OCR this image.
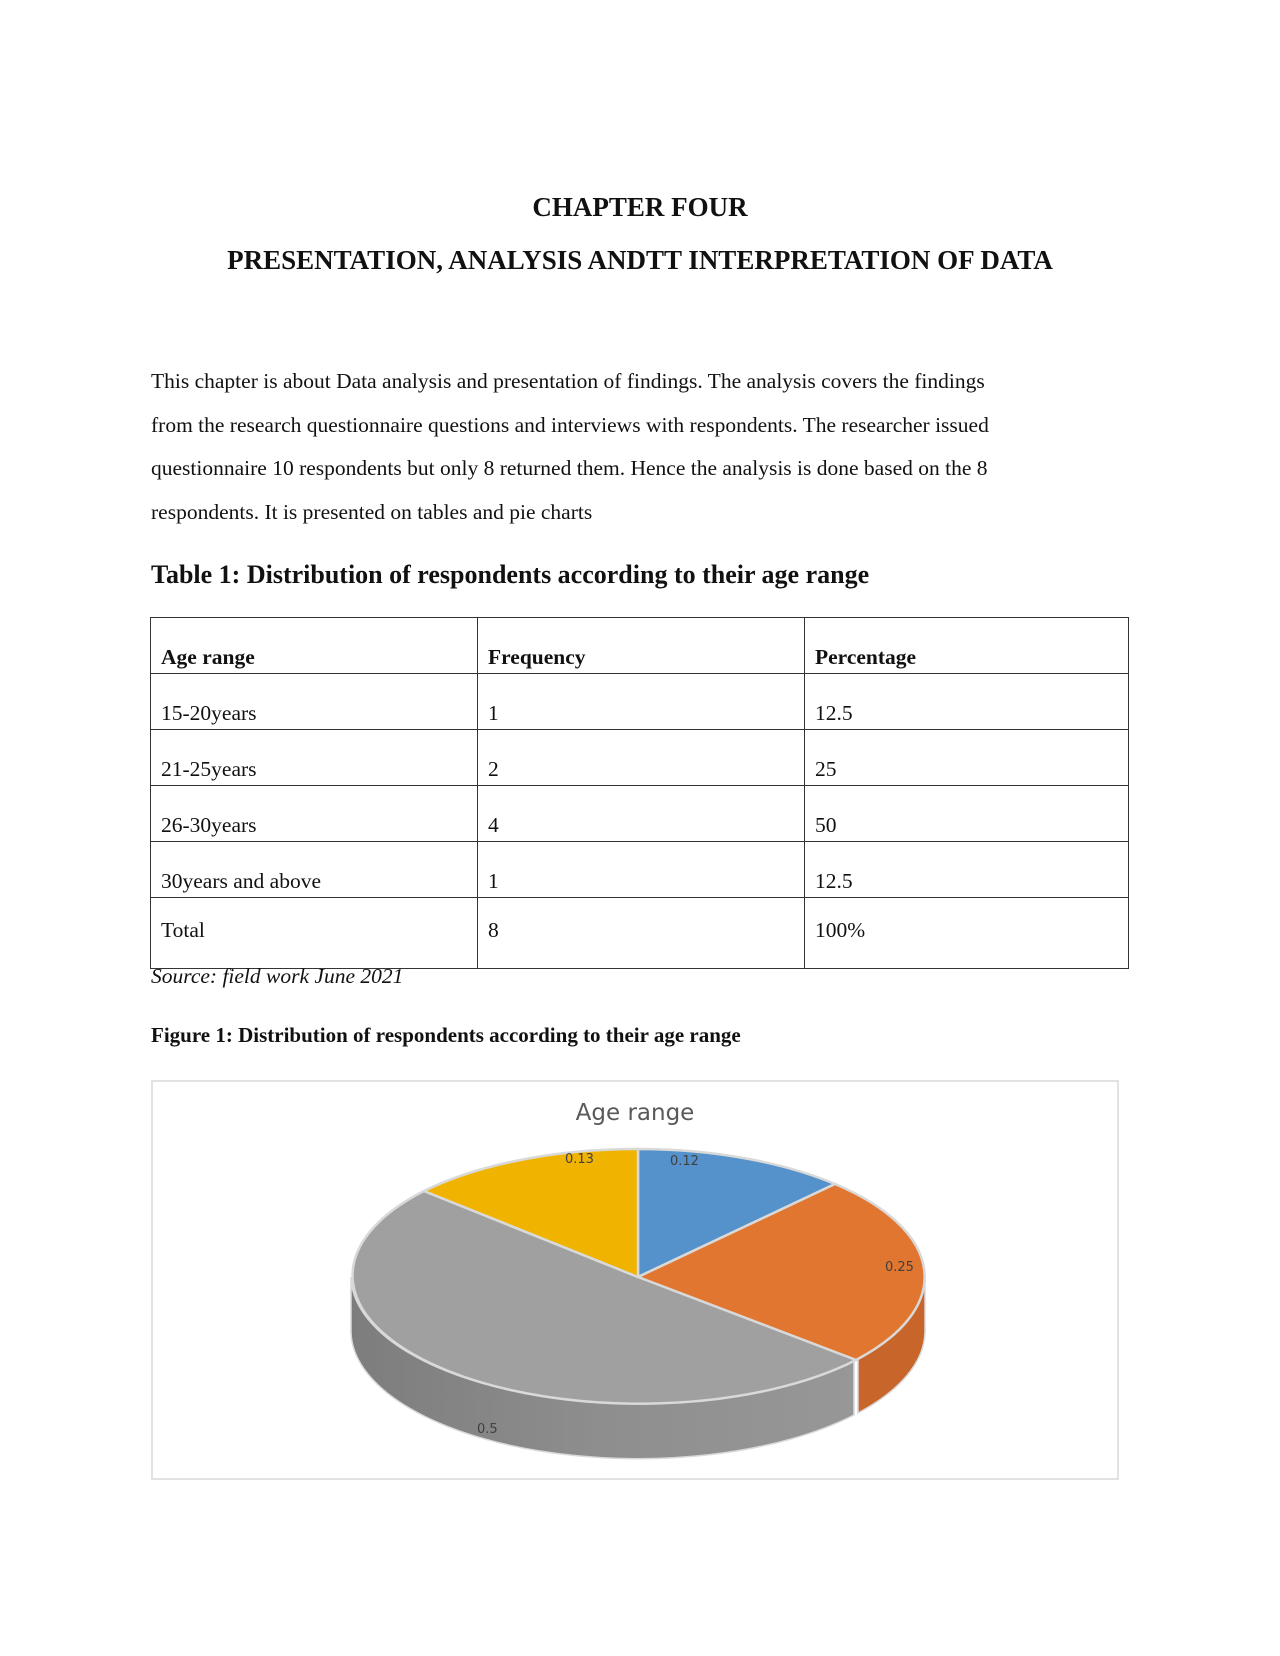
CHAPTER FOUR
PRESENTATION, ANALYSIS ANDTT INTERPRETATION OF DATA
This chapter is about Data analysis and presentation of findings. The analysis covers the findings
from the research questionnaire questions and interviews with respondents. The researcher issued
questionnaire 10 respondents but only 8 returned them. Hence the analysis is done based on the 8
respondents. It is presented on tables and pie charts
Table 1: Distribution of respondents according to their age range
Age range	Frequency	Percentage
15-20years	1	12.5
21-25years	2	25
26-30years	4	50
30years and above	1	12.5
Total	8	100%
Source: field work June 2021
Figure 1: Distribution of respondents according to their age range
Age range
0.13	0.12
0.25
0.5
